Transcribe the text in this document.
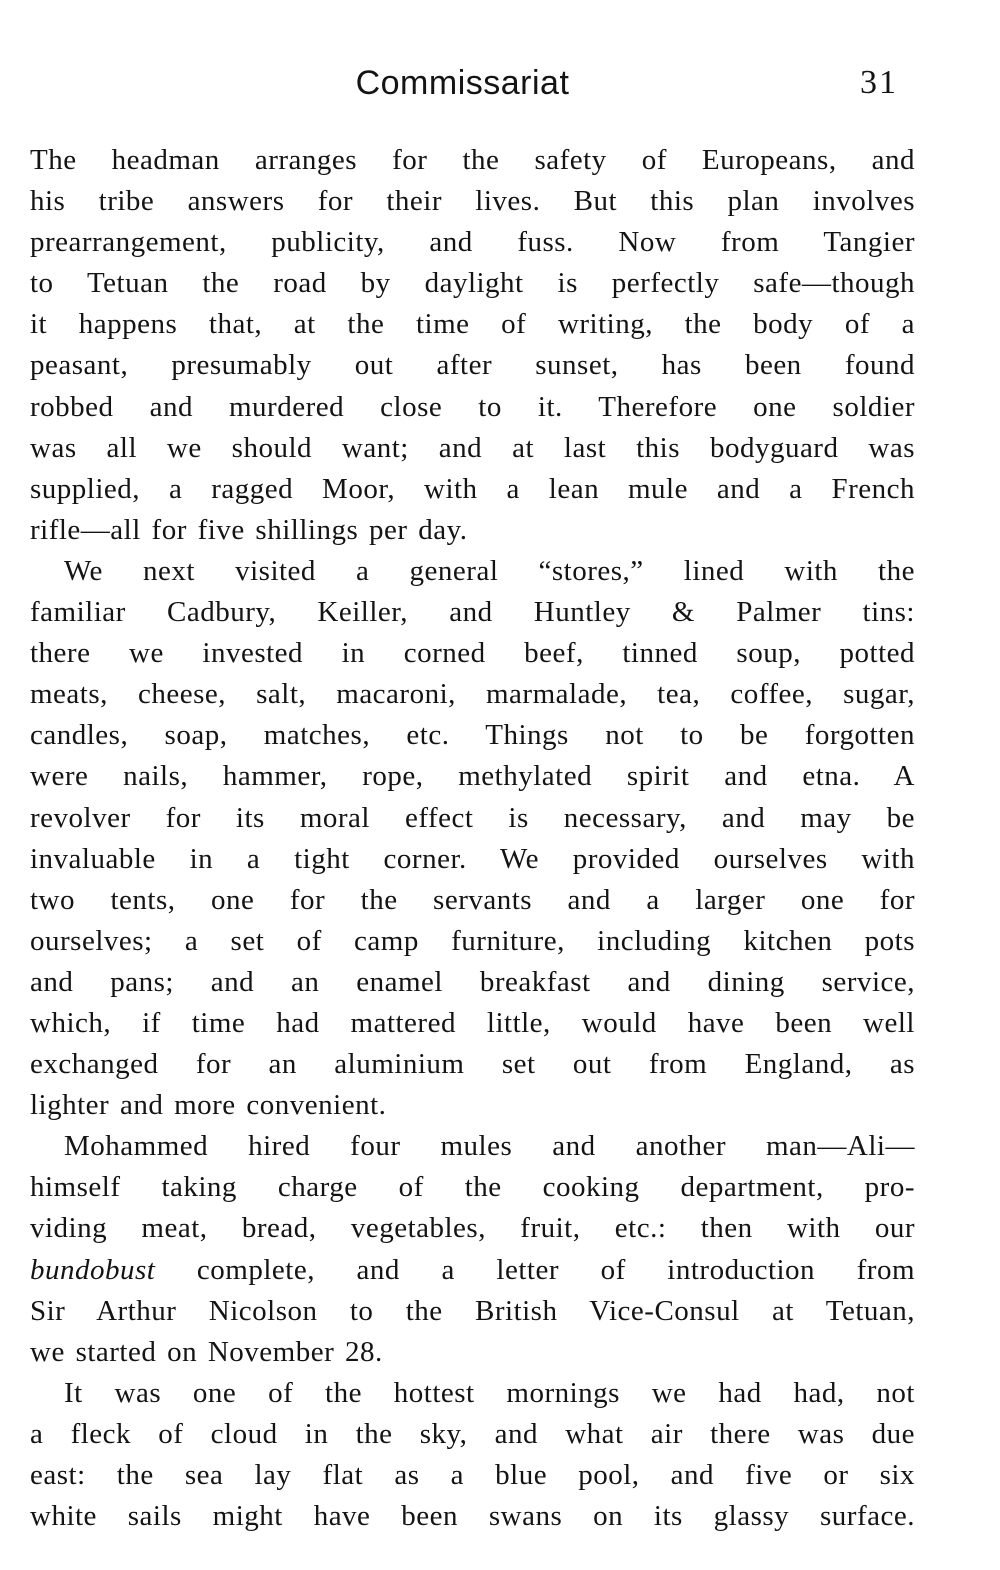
Commissariat	31
The headman arranges for the safety of Europeans, and
his tribe answers for their lives. But this plan involves
prearrangement, publicity, and fuss. Now from Tangier
to Tetuan the road by daylight is perfectly safe—though
it happens that, at the time of writing, the body of a
peasant, presumably out after sunset, has been found
robbed and murdered close to it. Therefore one soldier
was all we should want; and at last this bodyguard was
supplied, a ragged Moor, with a lean mule and a French
rifle—all for five shillings per day.
We next visited a general “stores,” lined with the
familiar Cadbury, Keiller, and Huntley & Palmer tins:
there we invested in corned beef, tinned soup, potted
meats, cheese, salt, macaroni, marmalade, tea, coffee, sugar,
candles, soap, matches, etc. Things not to be forgotten
were nails, hammer, rope, methylated spirit and etna. A
revolver for its moral effect is necessary, and may be
invaluable in a tight corner. We provided ourselves with
two tents, one for the servants and a larger one for
ourselves; a set of camp furniture, including kitchen pots
and pans; and an enamel breakfast and dining service,
which, if time had mattered little, would have been well
exchanged for an aluminium set out from England, as
lighter and more convenient.
Mohammed hired four mules and another man—Ali—
himself taking charge of the cooking department, pro-
viding meat, bread, vegetables, fruit, etc.: then with our
bundobust complete, and a letter of introduction from
Sir Arthur Nicolson to the British Vice-Consul at Tetuan,
we started on November 28.
It was one of the hottest mornings we had had, not
a fleck of cloud in the sky, and what air there was due
east: the sea lay flat as a blue pool, and five or six
white sails might have been swans on its glassy surface.
